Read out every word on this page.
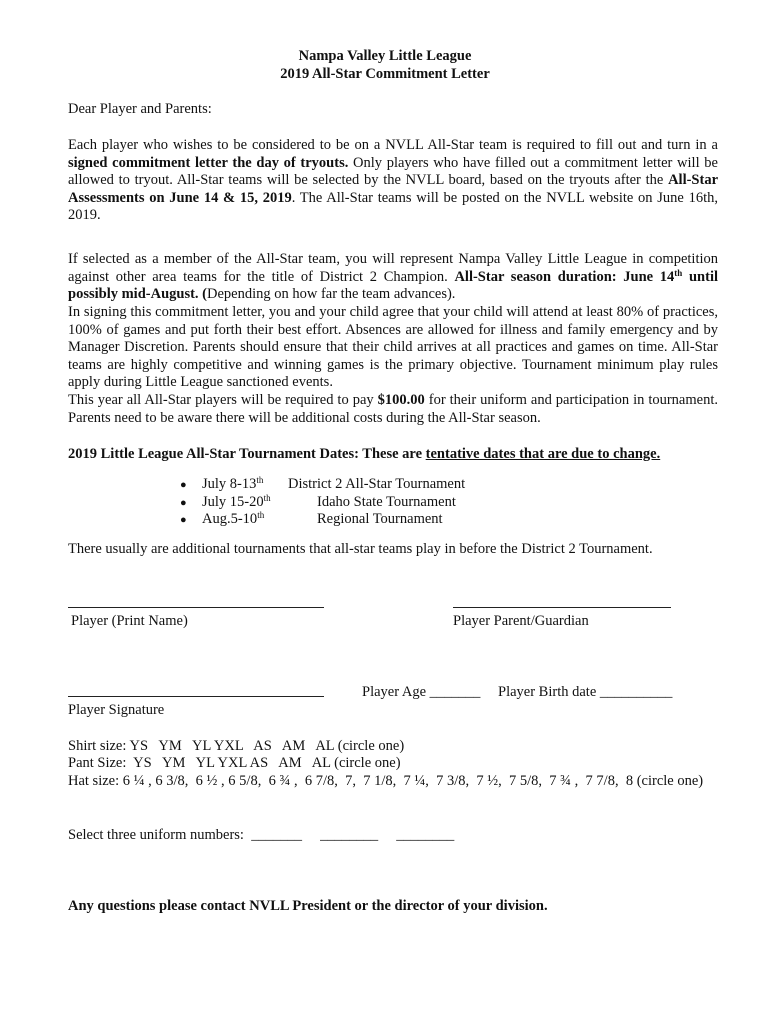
Nampa Valley Little League
2019 All-Star Commitment Letter
Dear Player and Parents:
Each player who wishes to be considered to be on a NVLL All-Star team is required to fill out and turn in a signed commitment letter the day of tryouts. Only players who have filled out a commitment letter will be allowed to tryout. All-Star teams will be selected by the NVLL board, based on the tryouts after the All-Star Assessments on June 14 & 15, 2019. The All-Star teams will be posted on the NVLL website on June 16th, 2019.
If selected as a member of the All-Star team, you will represent Nampa Valley Little League in competition against other area teams for the title of District 2 Champion. All-Star season duration: June 14th until possibly mid-August. (Depending on how far the team advances).
In signing this commitment letter, you and your child agree that your child will attend at least 80% of practices, 100% of games and put forth their best effort. Absences are allowed for illness and family emergency and by Manager Discretion. Parents should ensure that their child arrives at all practices and games on time. All-Star teams are highly competitive and winning games is the primary objective. Tournament minimum play rules apply during Little League sanctioned events.
This year all All-Star players will be required to pay $100.00 for their uniform and participation in tournament. Parents need to be aware there will be additional costs during the All-Star season.
2019 Little League All-Star Tournament Dates: These are tentative dates that are due to change.
●	July 8-13th	District 2 All-Star Tournament
●	July 15-20th	Idaho State Tournament
●	Aug.5-10th	Regional Tournament
There usually are additional tournaments that all-star teams play in before the District 2 Tournament.
Player (Print Name)	Player Parent/Guardian
Player Age _______ Player Birth date __________
Player Signature
Shirt size: YS   YM   YL YXL   AS   AM   AL (circle one)
Pant Size:  YS   YM   YL YXL AS   AM   AL (circle one)
Hat size: 6 ¼ , 6 3/8,  6 ½ , 6 5/8,  6 ¾ ,  6 7/8,  7,  7 1/8,  7 ¼,  7 3/8,  7 ½,  7 5/8,  7 ¾ ,  7 7/8,  8 (circle one)
Select three uniform numbers:  _______     ________     ________
Any questions please contact NVLL President or the director of your division.
